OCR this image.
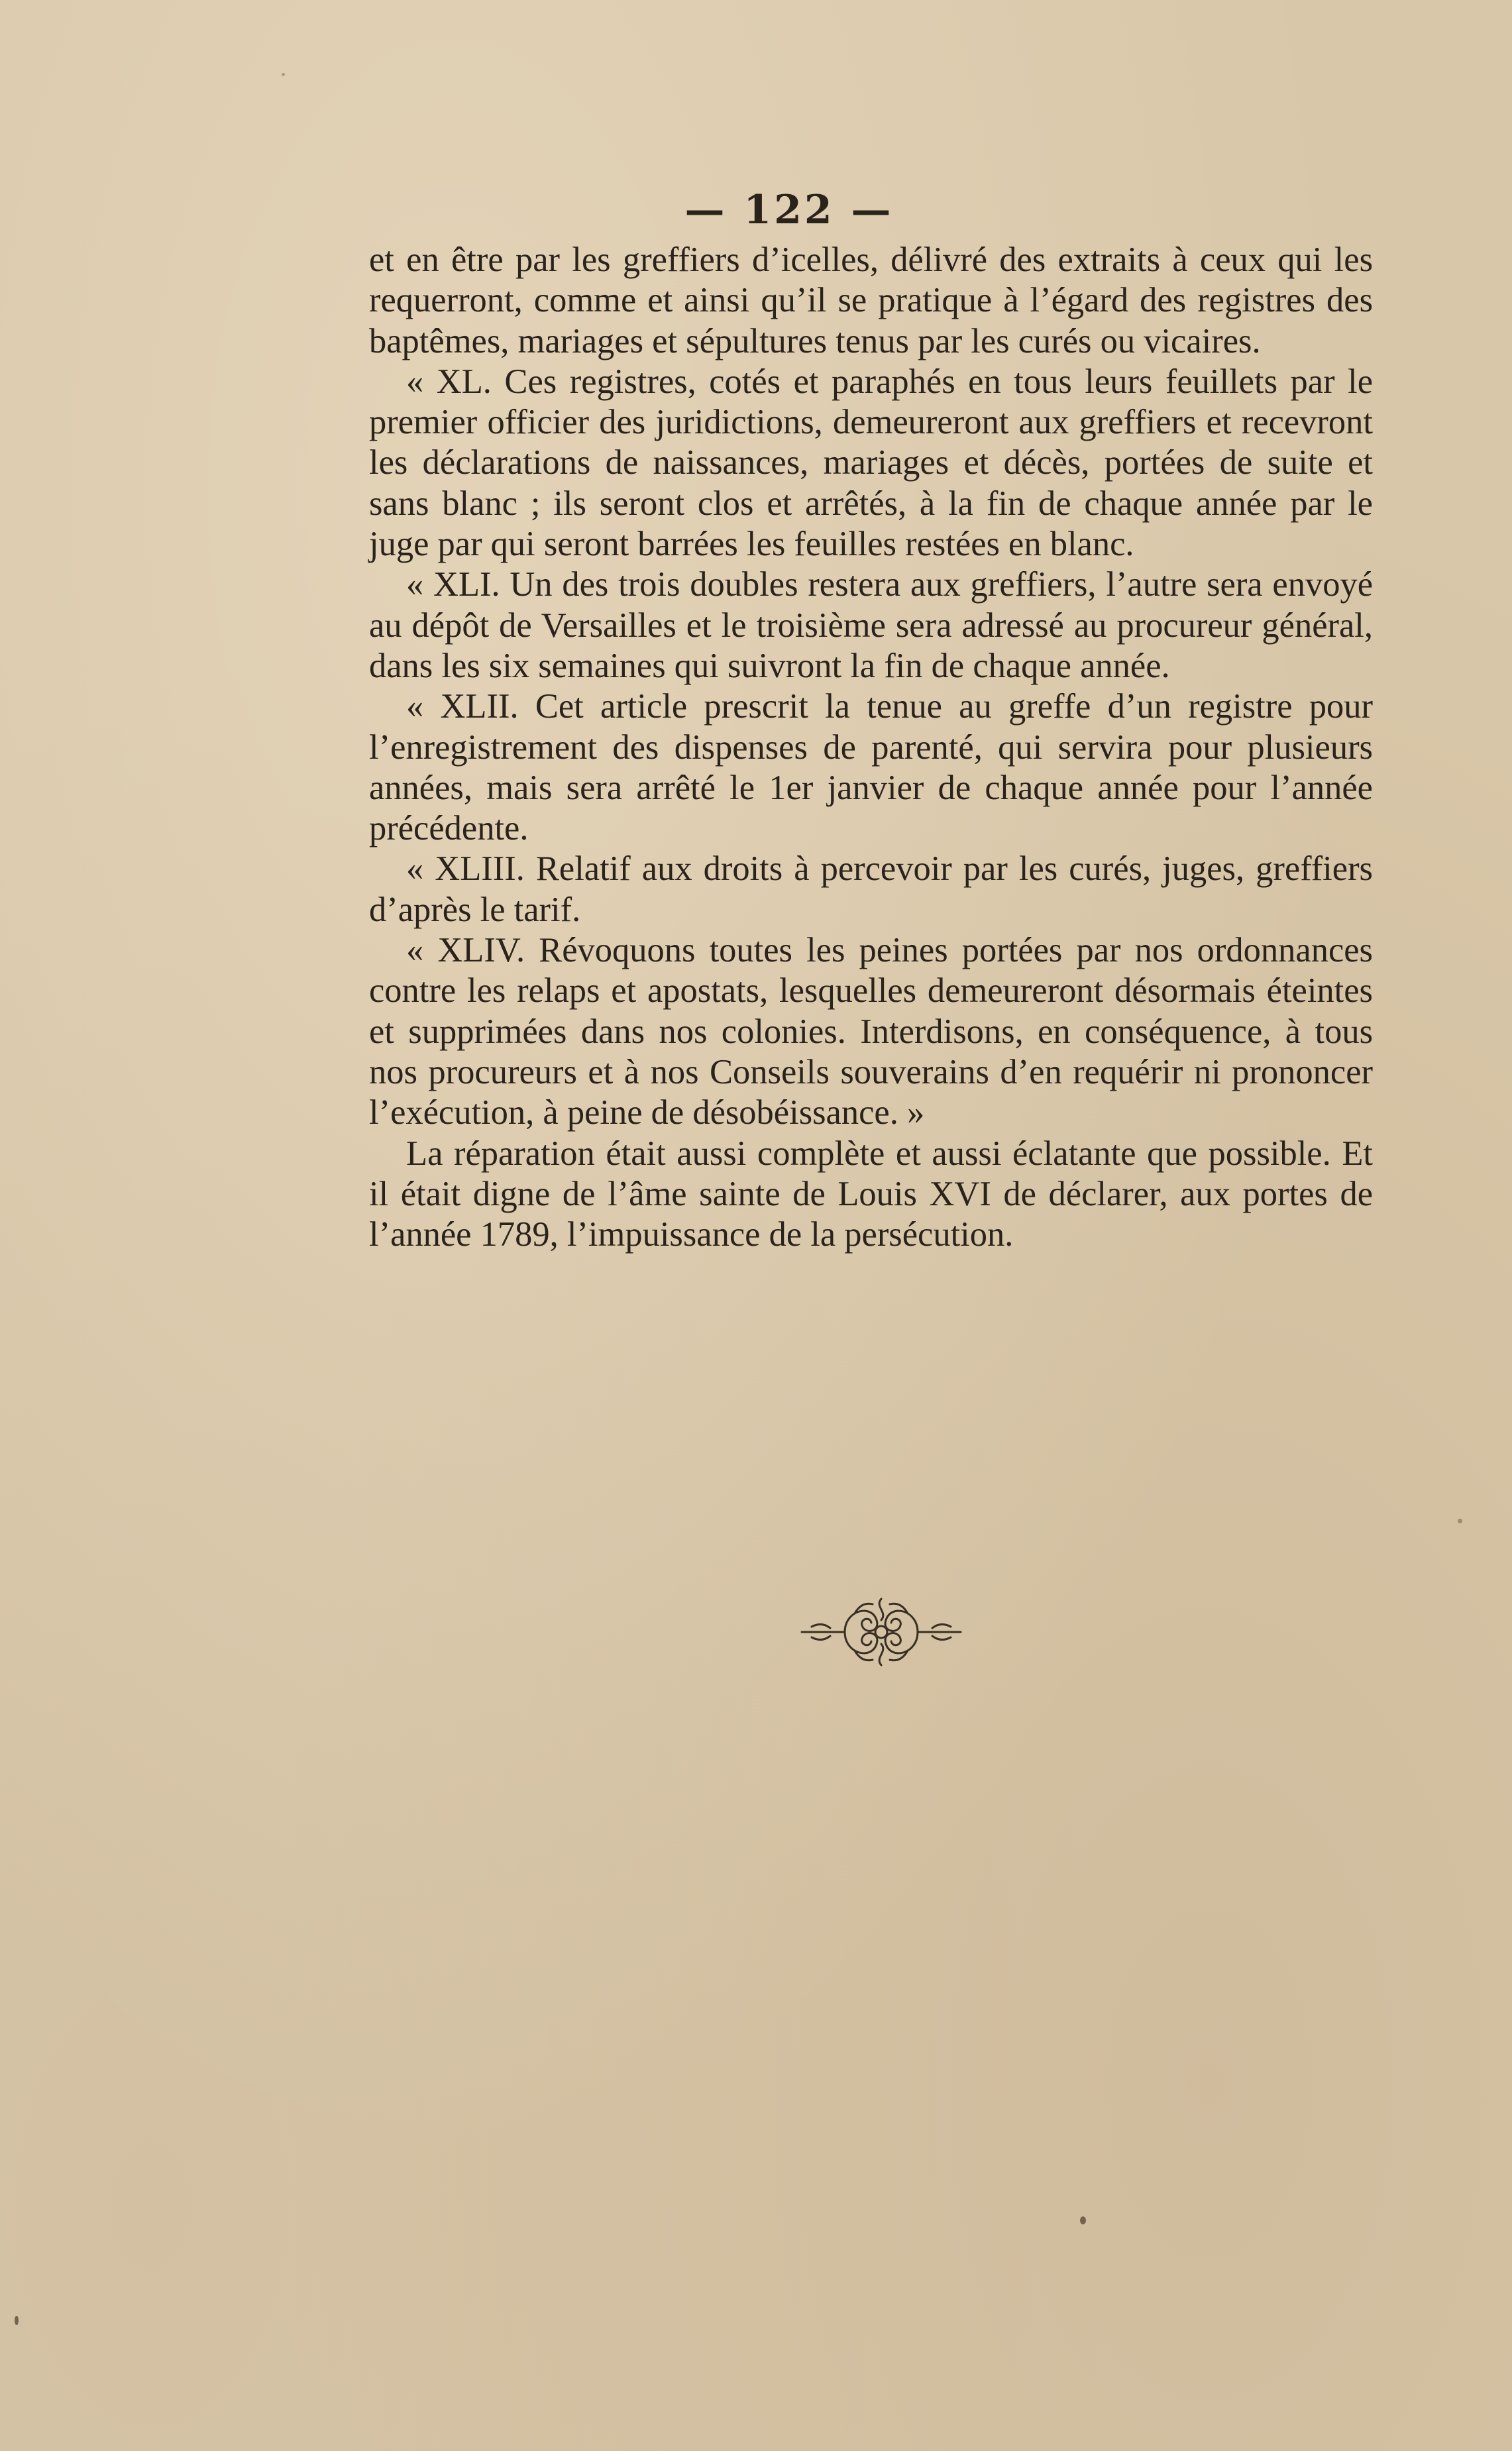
— 122 —

et en être par les greffiers d’icelles, délivré des extraits à ceux qui les requerront, comme et ainsi qu’il se pratique à l’égard des registres des baptêmes, mariages et sépultures tenus par les curés ou vicaires.

« XL. Ces registres, cotés et paraphés en tous leurs feuillets par le premier officier des juridictions, demeureront aux greffiers et recevront les déclarations de naissances, mariages et décès, portées de suite et sans blanc ; ils seront clos et arrêtés, à la fin de chaque année par le juge par qui seront barrées les feuilles restées en blanc.

« XLI. Un des trois doubles restera aux greffiers, l’autre sera envoyé au dépôt de Versailles et le troisième sera adressé au procureur général, dans les six semaines qui suivront la fin de chaque année.

« XLII. Cet article prescrit la tenue au greffe d’un registre pour l’enregistrement des dispenses de parenté, qui servira pour plusieurs années, mais sera arrêté le 1er janvier de chaque année pour l’année précédente.

« XLIII. Relatif aux droits à percevoir par les curés, juges, greffiers d’après le tarif.

« XLIV. Révoquons toutes les peines portées par nos ordonnances contre les relaps et apostats, lesquelles demeureront désormais éteintes et supprimées dans nos colonies. Interdisons, en conséquence, à tous nos procureurs et à nos Conseils souverains d’en requérir ni prononcer l’exécution, à peine de désobéissance. »

La réparation était aussi complète et aussi éclatante que possible. Et il était digne de l’âme sainte de Louis XVI de déclarer, aux portes de l’année 1789, l’impuissance de la persécution.
